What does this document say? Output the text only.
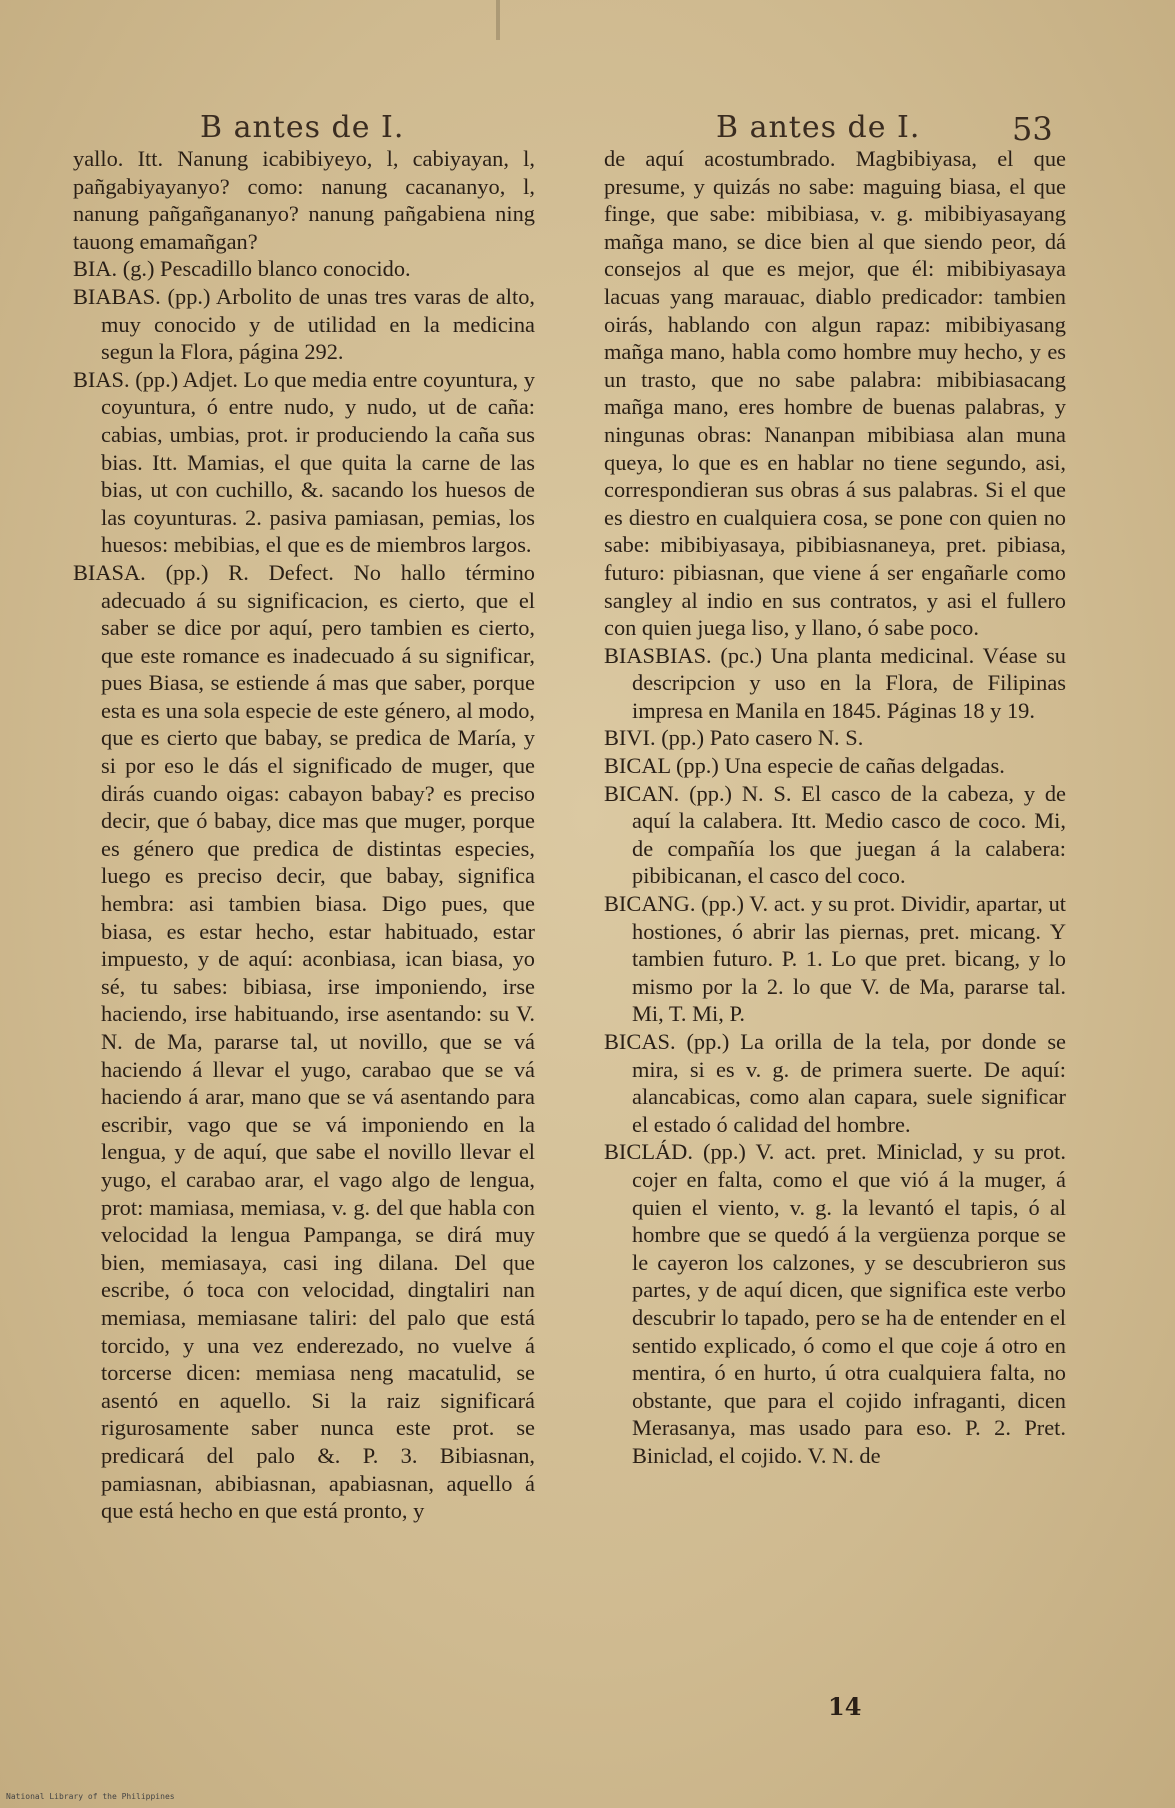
B antes de I.	B antes de I.	53

yallo. Itt. Nanung icabibiyeyo, l, cabiyayan, l, pañgabiyayanyo? como: nanung cacananyo, l, nanung pañgañgananyo? nanung pañgabiena ning tauong emamañgan?

BIA. (g.) Pescadillo blanco conocido.

BIABAS. (pp.) Arbolito de unas tres varas de alto, muy conocido y de utilidad en la medicina segun la Flora, página 292.

BIAS. (pp.) Adjet. Lo que media entre coyuntura, y coyuntura, ó entre nudo, y nudo, ut de caña: cabias, umbias, prot. ir produciendo la caña sus bias. Itt. Mamias, el que quita la carne de las bias, ut con cuchillo, &. sacando los huesos de las coyunturas. 2. pasiva pamiasan, pemias, los huesos: mebibias, el que es de miembros largos.

BIASA. (pp.) R. Defect. No hallo término adecuado á su significacion, es cierto, que el saber se dice por aquí, pero tambien es cierto, que este romance es inadecuado á su significar, pues Biasa, se estiende á mas que saber, porque esta es una sola especie de este género, al modo, que es cierto que babay, se predica de María, y si por eso le dás el significado de muger, que dirás cuando oigas: cabayon babay? es preciso decir, que ó babay, dice mas que muger, porque es género que predica de distintas especies, luego es preciso decir, que babay, significa hembra: asi tambien biasa. Digo pues, que biasa, es estar hecho, estar habituado, estar impuesto, y de aquí: aconbiasa, ican biasa, yo sé, tu sabes: bibiasa, irse imponiendo, irse haciendo, irse habituando, irse asentando: su V. N. de Ma, pararse tal, ut novillo, que se vá haciendo á llevar el yugo, carabao que se vá haciendo á arar, mano que se vá asentando para escribir, vago que se vá imponiendo en la lengua, y de aquí, que sabe el novillo llevar el yugo, el carabao arar, el vago algo de lengua, prot: mamiasa, memiasa, v. g. del que habla con velocidad la lengua Pampanga, se dirá muy bien, memiasaya, casi ing dilana. Del que escribe, ó toca con velocidad, dingtaliri nan memiasa, memiasane taliri: del palo que está torcido, y una vez enderezado, no vuelve á torcerse dicen: memiasa neng macatulid, se asentó en aquello. Si la raiz significará rigurosamente saber nunca este prot. se predicará del palo &. P. 3. Bibiasnan, pamiasnan, abibiasnan, apabiasnan, aquello á que está hecho en que está pronto, y

de aquí acostumbrado. Magbibiyasa, el que presume, y quizás no sabe: maguing biasa, el que finge, que sabe: mibibiasa, v. g. mibibiyasayang mañga mano, se dice bien al que siendo peor, dá consejos al que es mejor, que él: mibibiyasaya lacuas yang marauac, diablo predicador: tambien oirás, hablando con algun rapaz: mibibiyasang mañga mano, habla como hombre muy hecho, y es un trasto, que no sabe palabra: mibibiasacang mañga mano, eres hombre de buenas palabras, y ningunas obras: Nananpan mibibiasa alan muna queya, lo que es en hablar no tiene segundo, asi, correspondieran sus obras á sus palabras. Si el que es diestro en cualquiera cosa, se pone con quien no sabe: mibibiyasaya, pibibiasnaneya, pret. pibiasa, futuro: pibiasnan, que viene á ser engañarle como sangley al indio en sus contratos, y asi el fullero con quien juega liso, y llano, ó sabe poco.

BIASBIAS. (pc.) Una planta medicinal. Véase su descripcion y uso en la Flora, de Filipinas impresa en Manila en 1845. Páginas 18 y 19.

BIVI. (pp.) Pato casero N. S.

BICAL (pp.) Una especie de cañas delgadas.

BICAN. (pp.) N. S. El casco de la cabeza, y de aquí la calabera. Itt. Medio casco de coco. Mi, de compañía los que juegan á la calabera: pibibicanan, el casco del coco.

BICANG. (pp.) V. act. y su prot. Dividir, apartar, ut hostiones, ó abrir las piernas, pret. micang. Y tambien futuro. P. 1. Lo que pret. bicang, y lo mismo por la 2. lo que V. de Ma, pararse tal. Mi, T. Mi, P.

BICAS. (pp.) La orilla de la tela, por donde se mira, si es v. g. de primera suerte. De aquí: alancabicas, como alan capara, suele significar el estado ó calidad del hombre.

BICLÁD. (pp.) V. act. pret. Miniclad, y su prot. cojer en falta, como el que vió á la muger, á quien el viento, v. g. la levantó el tapis, ó al hombre que se quedó á la vergüenza porque se le cayeron los calzones, y se descubrieron sus partes, y de aquí dicen, que significa este verbo descubrir lo tapado, pero se ha de entender en el sentido explicado, ó como el que coje á otro en mentira, ó en hurto, ú otra cualquiera falta, no obstante, que para el cojido infraganti, dicen Merasanya, mas usado para eso. P. 2. Pret. Biniclad, el cojido. V. N. de

14
National Library of the Philippines
